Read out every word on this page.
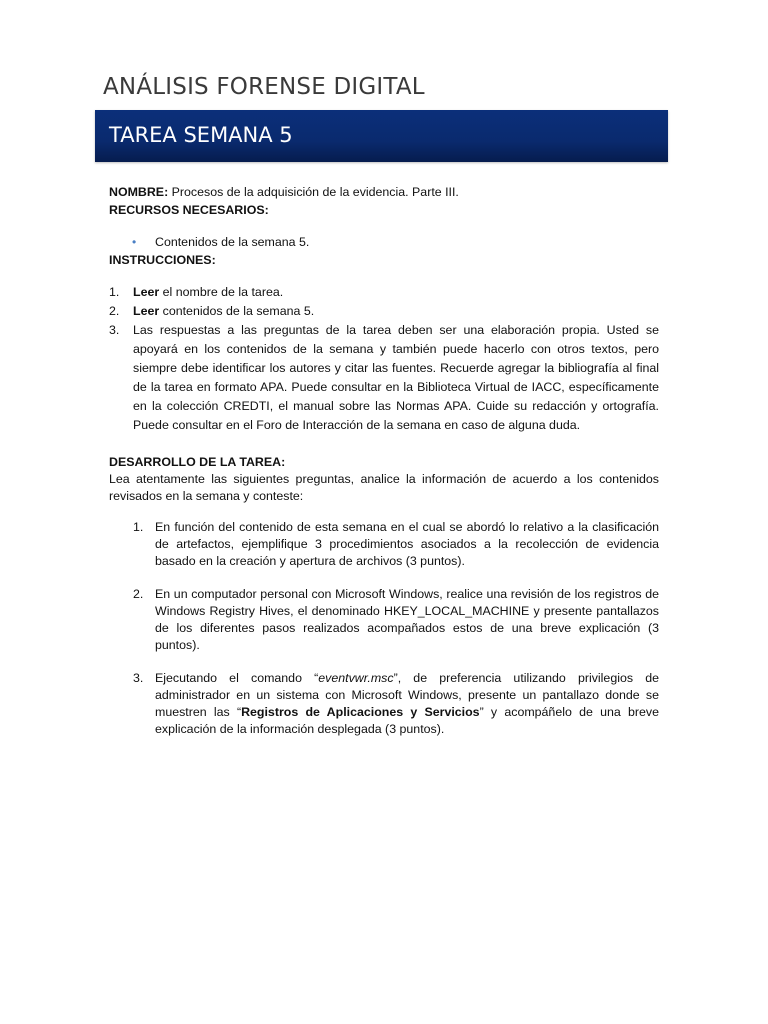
ANÁLISIS FORENSE DIGITAL
TAREA SEMANA 5

NOMBRE: Procesos de la adquisición de la evidencia. Parte III.

RECURSOS NECESARIOS:

• Contenidos de la semana 5.

INSTRUCCIONES:

1. Leer el nombre de la tarea.
2. Leer contenidos de la semana 5.
3. Las respuestas a las preguntas de la tarea deben ser una elaboración propia. Usted se apoyará en los contenidos de la semana y también puede hacerlo con otros textos, pero siempre debe identificar los autores y citar las fuentes. Recuerde agregar la bibliografía al final de la tarea en formato APA. Puede consultar en la Biblioteca Virtual de IACC, específicamente en la colección CREDTI, el manual sobre las Normas APA. Cuide su redacción y ortografía. Puede consultar en el Foro de Interacción de la semana en caso de alguna duda.

DESARROLLO DE LA TAREA:

Lea atentamente las siguientes preguntas, analice la información de acuerdo a los contenidos revisados en la semana y conteste:

1. En función del contenido de esta semana en el cual se abordó lo relativo a la clasificación de artefactos, ejemplifique 3 procedimientos asociados a la recolección de evidencia basado en la creación y apertura de archivos (3 puntos).
2. En un computador personal con Microsoft Windows, realice una revisión de los registros de Windows Registry Hives, el denominado HKEY_LOCAL_MACHINE y presente pantallazos de los diferentes pasos realizados acompañados estos de una breve explicación (3 puntos).
3. Ejecutando el comando “eventvwr.msc”, de preferencia utilizando privilegios de administrador en un sistema con Microsoft Windows, presente un pantallazo donde se muestren las “Registros de Aplicaciones y Servicios” y acompáñelo de una breve explicación de la información desplegada (3 puntos).
